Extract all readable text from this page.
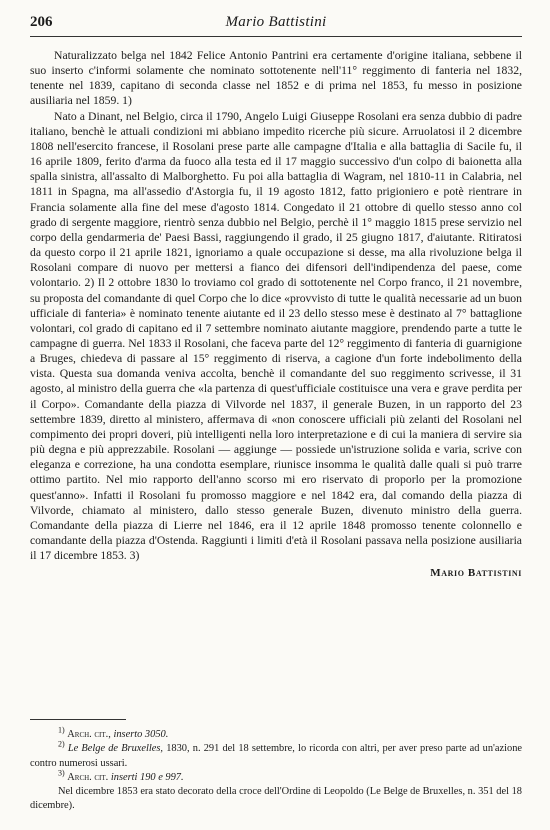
206	Mario Battistini

Naturalizzato belga nel 1842 Felice Antonio Pantrini era certamente d'origine italiana, sebbene il suo inserto c'informi solamente che nominato sottotenente nell'11° reggimento di fanteria nel 1832, tenente nel 1839, capitano di seconda classe nel 1852 e di prima nel 1853, fu messo in posizione ausiliaria nel 1859. 1)

Nato a Dinant, nel Belgio, circa il 1790, Angelo Luigi Giuseppe Rosolani era senza dubbio di padre italiano, benchè le attuali condizioni mi abbiano impedito ricerche più sicure. Arruolatosi il 2 dicembre 1808 nell'esercito francese, il Rosolani prese parte alle campagne d'Italia e alla battaglia di Sacile fu, il 16 aprile 1809, ferito d'arma da fuoco alla testa ed il 17 maggio successivo d'un colpo di baionetta alla spalla sinistra, all'assalto di Malborghetto. Fu poi alla battaglia di Wagram, nel 1810-11 in Calabria, nel 1811 in Spagna, ma all'assedio d'Astorgia fu, il 19 agosto 1812, fatto prigioniero e potè rientrare in Francia solamente alla fine del mese d'agosto 1814. Congedato il 21 ottobre di quello stesso anno col grado di sergente maggiore, rientrò senza dubbio nel Belgio, perchè il 1° maggio 1815 prese servizio nel corpo della gendarmeria de' Paesi Bassi, raggiungendo il grado, il 25 giugno 1817, d'aiutante. Ritiratosi da questo corpo il 21 aprile 1821, ignoriamo a quale occupazione si desse, ma alla rivoluzione belga il Rosolani compare di nuovo per mettersi a fianco dei difensori dell'indipendenza del paese, come volontario. 2) Il 2 ottobre 1830 lo troviamo col grado di sottotenente nel Corpo franco, il 21 novembre, su proposta del comandante di quel Corpo che lo dice «provvisto di tutte le qualità necessarie ad un buon ufficiale di fanteria» è nominato tenente aiutante ed il 23 dello stesso mese è destinato al 7° battaglione volontari, col grado di capitano ed il 7 settembre nominato aiutante maggiore, prendendo parte a tutte le campagne di guerra. Nel 1833 il Rosolani, che faceva parte del 12° reggimento di fanteria di guarnigione a Bruges, chiedeva di passare al 15° reggimento di riserva, a cagione d'un forte indebolimento della vista. Questa sua domanda veniva accolta, benchè il comandante del suo reggimento scrivesse, il 31 agosto, al ministro della guerra che «la partenza di quest'ufficiale costituisce una vera e grave perdita per il Corpo». Comandante della piazza di Vilvorde nel 1837, il generale Buzen, in un rapporto del 23 settembre 1839, diretto al ministero, affermava di «non conoscere ufficiali più zelanti del Rosolani nel compimento dei propri doveri, più intelligenti nella loro interpretazione e di cui la maniera di servire sia più degna e più apprezzabile. Rosolani — aggiunge — possiede un'istruzione solida e varia, scrive con eleganza e correzione, ha una condotta esemplare, riunisce insomma le qualità dalle quali si può trarre ottimo partito. Nel mio rapporto dell'anno scorso mi ero riservato di proporlo per la promozione quest'anno». Infatti il Rosolani fu promosso maggiore e nel 1842 era, dal comando della piazza di Vilvorde, chiamato al ministero, dallo stesso generale Buzen, divenuto ministro della guerra. Comandante della piazza di Lierre nel 1846, era il 12 aprile 1848 promosso tenente colonnello e comandante della piazza d'Ostenda. Raggiunti i limiti d'età il Rosolani passava nella posizione ausiliaria il 17 dicembre 1853. 3)

Mario Battistini

$^{1)}$ Arch. cit., inserto 3050.

$^{2)}$ Le Belge de Bruxelles, 1830, n. 291 del 18 settembre, lo ricorda con altri, per aver preso parte ad un'azione contro numerosi ussari.

$^{3)}$ Arch. cit. inserti 190 e 997.

Nel dicembre 1853 era stato decorato della croce dell'Ordine di Leopoldo (Le Belge de Bruxelles, n. 351 del 18 dicembre).
